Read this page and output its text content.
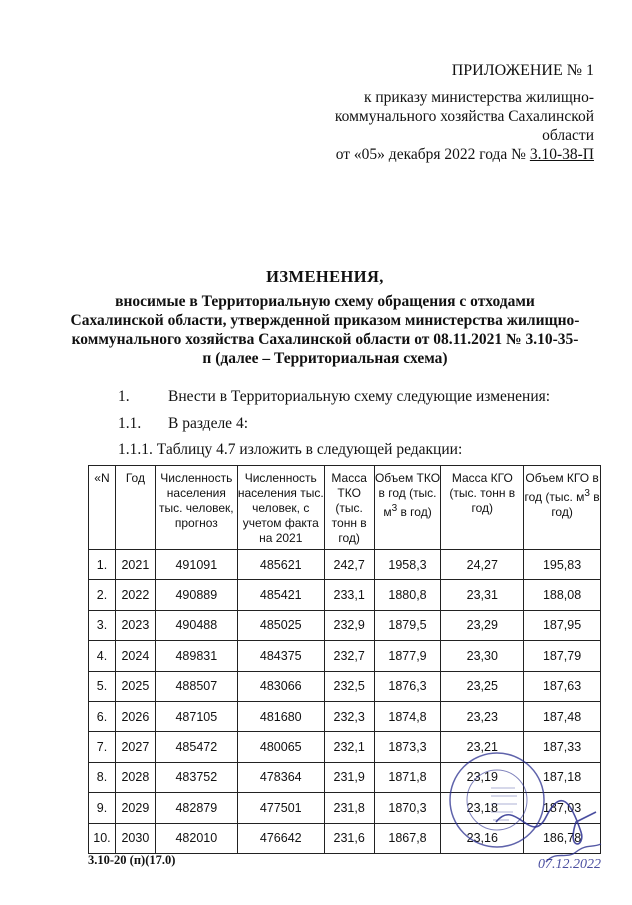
ПРИЛОЖЕНИЕ № 1
к приказу министерства жилищно-
коммунального хозяйства Сахалинской
области
от «05» декабря 2022 года № 3.10-38-П
ИЗМЕНЕНИЯ,
вносимые в Территориальную схему обращения с отходами
Сахалинской области, утвержденной приказом министерства жилищно-
коммунального хозяйства Сахалинской области от 08.11.2021 № 3.10-35-
п (далее – Территориальная схема)
1. Внести в Территориальную схему следующие изменения:
1.1. В разделе 4:
1.1.1. Таблицу 4.7 изложить в следующей редакции:
«N	Год	Численность населения тыс. человек, прогноз	Численность населения тыс. человек, с учетом факта на 2021	Масса ТКО (тыс. тонн в год)	Объем ТКО в год (тыс. $м^3$ в год)	Масса КГО (тыс. тонн в год)	Объем КГО в год (тыс. $м^3$ в год)
1.	2021	491091	485621	242,7	1958,3	24,27	195,83
2.	2022	490889	485421	233,1	1880,8	23,31	188,08
3.	2023	490488	485025	232,9	1879,5	23,29	187,95
4.	2024	489831	484375	232,7	1877,9	23,30	187,79
5.	2025	488507	483066	232,5	1876,3	23,25	187,63
6.	2026	487105	481680	232,3	1874,8	23,23	187,48
7.	2027	485472	480065	232,1	1873,3	23,21	187,33
8.	2028	483752	478364	231,9	1871,8	23,19	187,18
9.	2029	482879	477501	231,8	1870,3	23,18	187,03
10.	2030	482010	476642	231,6	1867,8	23,16	186,78
07.12.2022
3.10-20 (п)(17.0)
